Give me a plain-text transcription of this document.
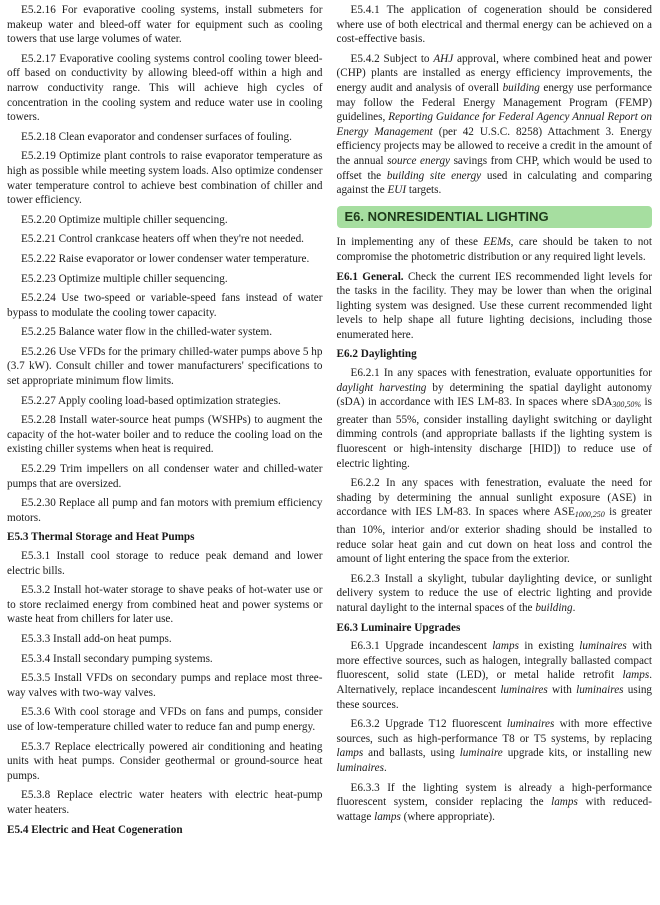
E5.2.16 For evaporative cooling systems, install submeters for makeup water and bleed-off water for equipment such as cooling towers that use large volumes of water.

E5.2.17 Evaporative cooling systems control cooling tower bleed-off based on conductivity by allowing bleed-off within a high and narrow conductivity range. This will achieve high cycles of concentration in the cooling system and reduce water use in cooling towers.

E5.2.18 Clean evaporator and condenser surfaces of fouling.

E5.2.19 Optimize plant controls to raise evaporator temperature as high as possible while meeting system loads. Also optimize condenser water temperature control to achieve best combination of chiller and tower efficiency.

E5.2.20 Optimize multiple chiller sequencing.

E5.2.21 Control crankcase heaters off when they're not needed.

E5.2.22 Raise evaporator or lower condenser water temperature.

E5.2.23 Optimize multiple chiller sequencing.

E5.2.24 Use two-speed or variable-speed fans instead of water bypass to modulate the cooling tower capacity.

E5.2.25 Balance water flow in the chilled-water system.

E5.2.26 Use VFDs for the primary chilled-water pumps above 5 hp (3.7 kW). Consult chiller and tower manufacturers' specifications to set appropriate minimum flow limits.

E5.2.27 Apply cooling load-based optimization strategies.

E5.2.28 Install water-source heat pumps (WSHPs) to augment the capacity of the hot-water boiler and to reduce the cooling load on the existing chiller systems when heat is required.

E5.2.29 Trim impellers on all condenser water and chilled-water pumps that are oversized.

E5.2.30 Replace all pump and fan motors with premium efficiency motors.

E5.3 Thermal Storage and Heat Pumps

E5.3.1 Install cool storage to reduce peak demand and lower electric bills.

E5.3.2 Install hot-water storage to shave peaks of hot-water use or to store reclaimed energy from combined heat and power systems or waste heat from chillers for later use.

E5.3.3 Install add-on heat pumps.

E5.3.4 Install secondary pumping systems.

E5.3.5 Install VFDs on secondary pumps and replace most three-way valves with two-way valves.

E5.3.6 With cool storage and VFDs on fans and pumps, consider use of low-temperature chilled water to reduce fan and pump energy.

E5.3.7 Replace electrically powered air conditioning and heating units with heat pumps. Consider geothermal or ground-source heat pumps.

E5.3.8 Replace electric water heaters with electric heat-pump water heaters.

E5.4 Electric and Heat Cogeneration

E5.4.1 The application of cogeneration should be considered where use of both electrical and thermal energy can be achieved on a cost-effective basis.

E5.4.2 Subject to AHJ approval, where combined heat and power (CHP) plants are installed as energy efficiency improvements, the energy audit and analysis of overall building energy use performance may follow the Federal Energy Management Program (FEMP) guidelines, Reporting Guidance for Federal Agency Annual Report on Energy Management (per 42 U.S.C. 8258) Attachment 3. Energy efficiency projects may be allowed to receive a credit in the amount of the annual source energy savings from CHP, which would be used to offset the building site energy used in calculating and comparing against the EUI targets.

E6. NONRESIDENTIAL LIGHTING

In implementing any of these EEMs, care should be taken to not compromise the photometric distribution or any required light levels.

E6.1 General. Check the current IES recommended light levels for the tasks in the facility. They may be lower than when the original lighting system was designed. Use these current recommended light levels to help shape all future lighting decisions, including those enumerated here.

E6.2 Daylighting

E6.2.1 In any spaces with fenestration, evaluate opportunities for daylight harvesting by determining the spatial daylight autonomy (sDA) in accordance with IES LM-83. In spaces where sDA$_{300,50\%}$ is greater than 55%, consider installing daylight switching or daylight dimming controls (and appropriate ballasts if the lighting system is fluorescent or high-intensity discharge [HID]) to reduce use of electric lighting.

E6.2.2 In any spaces with fenestration, evaluate the need for shading by determining the annual sunlight exposure (ASE) in accordance with IES LM-83. In spaces where $ASE_{1000,250}$ is greater than 10%, interior and/or exterior shading should be installed to reduce solar heat gain and cut down on heat loss and control the amount of light entering the space from the exterior.

E6.2.3 Install a skylight, tubular daylighting device, or sunlight delivery system to reduce the use of electric lighting and provide natural daylight to the internal spaces of the building.

E6.3 Luminaire Upgrades

E6.3.1 Upgrade incandescent lamps in existing luminaires with more effective sources, such as halogen, integrally ballasted compact fluorescent, solid state (LED), or metal halide retrofit lamps. Alternatively, replace incandescent luminaires with luminaires using these sources.

E6.3.2 Upgrade T12 fluorescent luminaires with more effective sources, such as high-performance T8 or T5 systems, by replacing lamps and ballasts, using luminaire upgrade kits, or installing new luminaires.

E6.3.3 If the lighting system is already a high-performance fluorescent system, consider replacing the lamps with reduced-wattage lamps (where appropriate).
